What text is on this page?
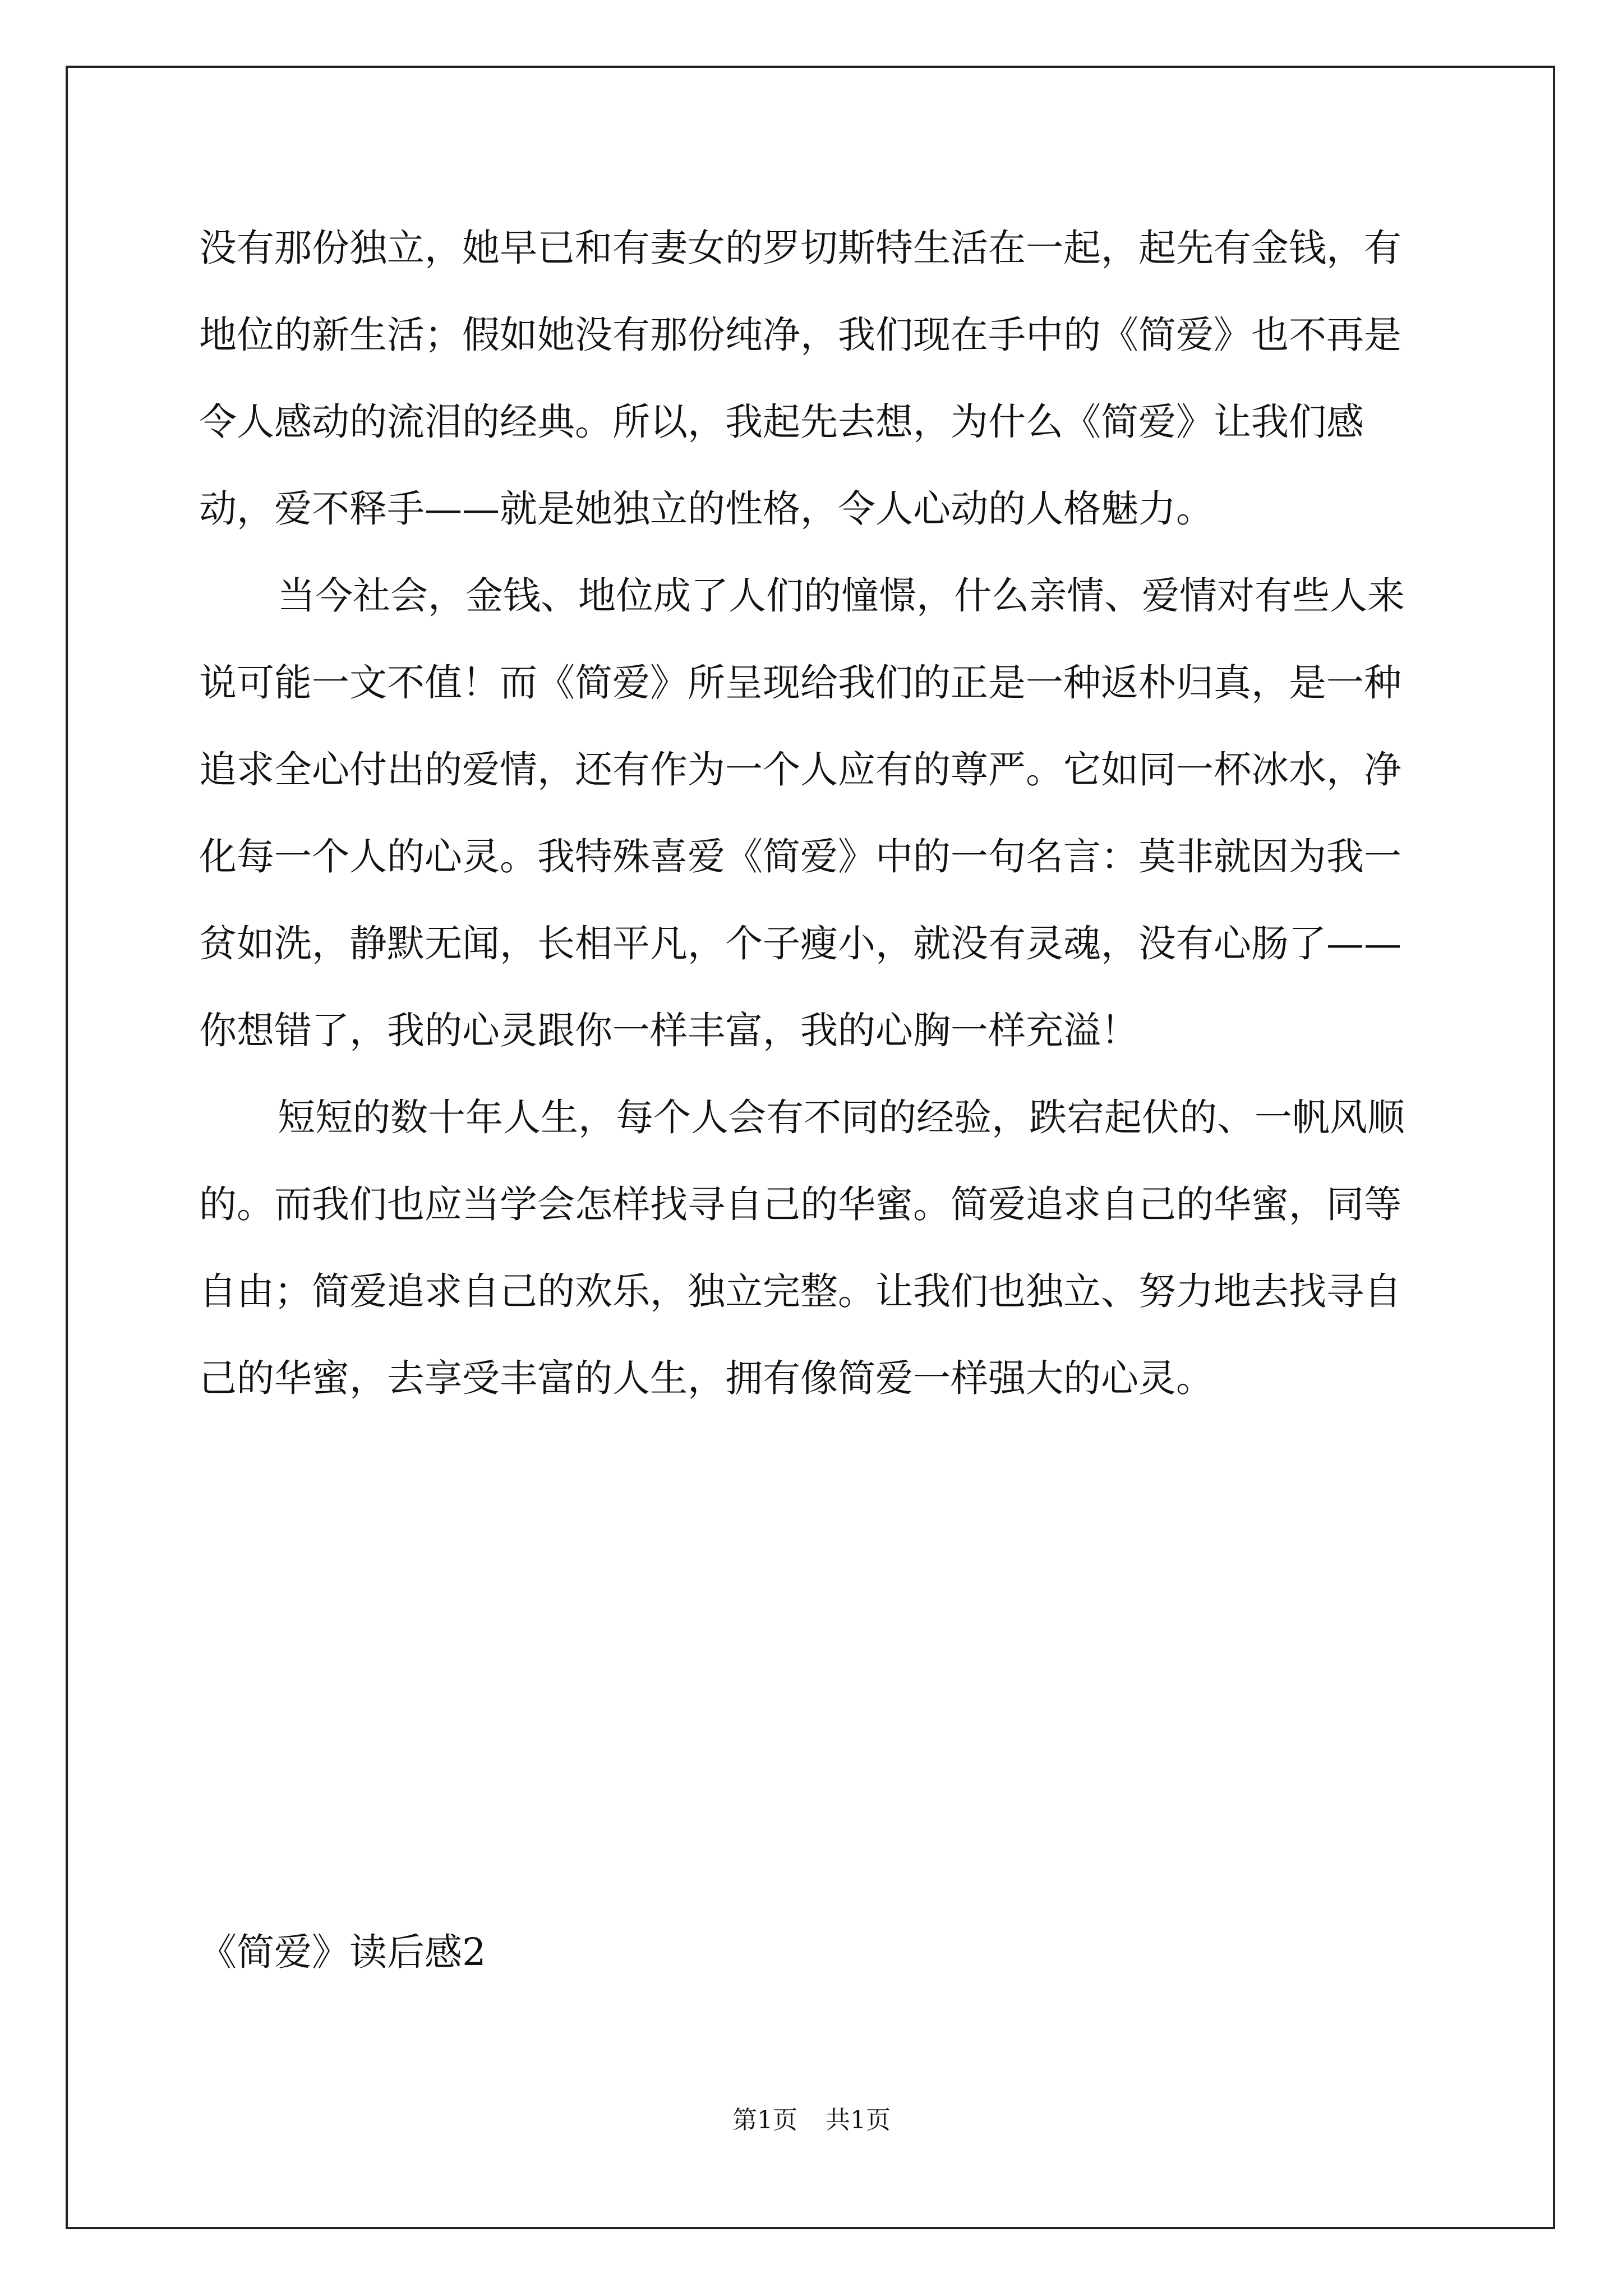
没有那份独立，她早已和有妻女的罗切斯特生活在一起，起先有金钱，有地位的新生活；假如她没有那份纯净，我们现在手中的《简爱》也不再是令人感动的流泪的经典。所以，我起先去想，为什么《简爱》让我们感动，爱不释手——就是她独立的性格，令人心动的人格魅力。

当今社会，金钱、地位成了人们的憧憬，什么亲情、爱情对有些人来说可能一文不值！而《简爱》所呈现给我们的正是一种返朴归真，是一种追求全心付出的爱情，还有作为一个人应有的尊严。它如同一杯冰水，净化每一个人的心灵。我特殊喜爱《简爱》中的一句名言：莫非就因为我一贫如洗，静默无闻，长相平凡，个子瘦小，就没有灵魂，没有心肠了——你想错了，我的心灵跟你一样丰富，我的心胸一样充溢！

短短的数十年人生，每个人会有不同的经验，跌宕起伏的、一帆风顺的。而我们也应当学会怎样找寻自己的华蜜。简爱追求自己的华蜜，同等自由；简爱追求自己的欢乐，独立完整。让我们也独立、努力地去找寻自己的华蜜，去享受丰富的人生，拥有像简爱一样强大的心灵。

《简爱》读后感2
第1页 共1页
